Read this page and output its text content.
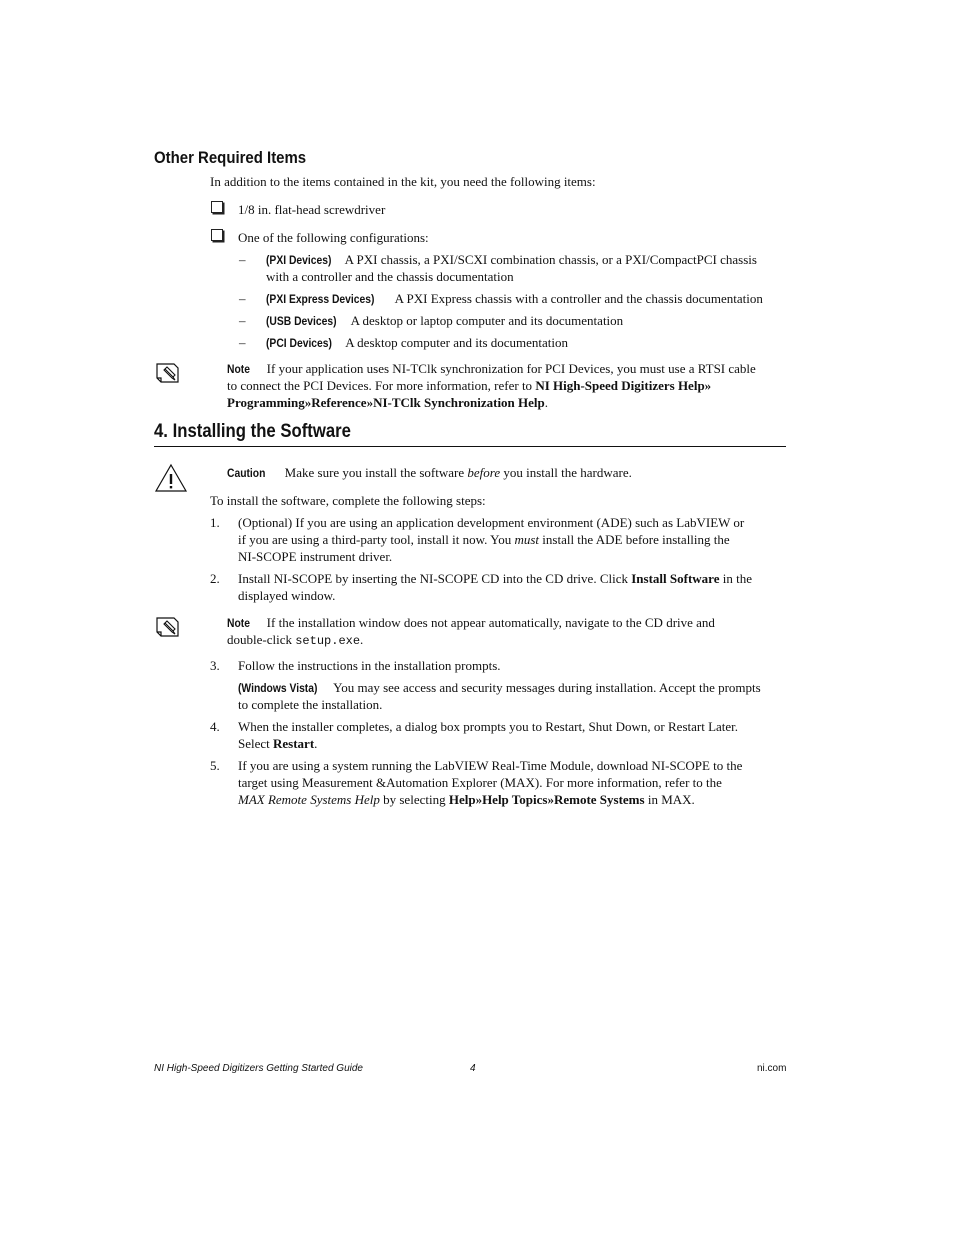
Other Required Items
In addition to the items contained in the kit, you need the following items:
1/8 in. flat-head screwdriver
One of the following configurations:
– (PXI Devices) A PXI chassis, a PXI/SCXI combination chassis, or a PXI/CompactPCI chassis
with a controller and the chassis documentation
– (PXI Express Devices) A PXI Express chassis with a controller and the chassis documentation
– (USB Devices) A desktop or laptop computer and its documentation
– (PCI Devices) A desktop computer and its documentation
Note If your application uses NI-TClk synchronization for PCI Devices, you must use a RTSI cable
to connect the PCI Devices. For more information, refer to NI High-Speed Digitizers Help»
Programming»Reference»NI-TClk Synchronization Help.
4. Installing the Software
Caution Make sure you install the software before you install the hardware.
To install the software, complete the following steps:
1.	(Optional) If you are using an application development environment (ADE) such as LabVIEW or
if you are using a third-party tool, install it now. You must install the ADE before installing the
NI-SCOPE instrument driver.
2.	Install NI-SCOPE by inserting the NI-SCOPE CD into the CD drive. Click Install Software in the
displayed window.
Note If the installation window does not appear automatically, navigate to the CD drive and
double-click setup.exe.
3.	Follow the instructions in the installation prompts.
(Windows Vista) You may see access and security messages during installation. Accept the prompts
to complete the installation.
4.	When the installer completes, a dialog box prompts you to Restart, Shut Down, or Restart Later.
Select Restart.
5.	If you are using a system running the LabVIEW Real-Time Module, download NI-SCOPE to the
target using Measurement &Automation Explorer (MAX). For more information, refer to the
MAX Remote Systems Help by selecting Help»Help Topics»Remote Systems in MAX.
NI High-Speed Digitizers Getting Started Guide	4	ni.com
